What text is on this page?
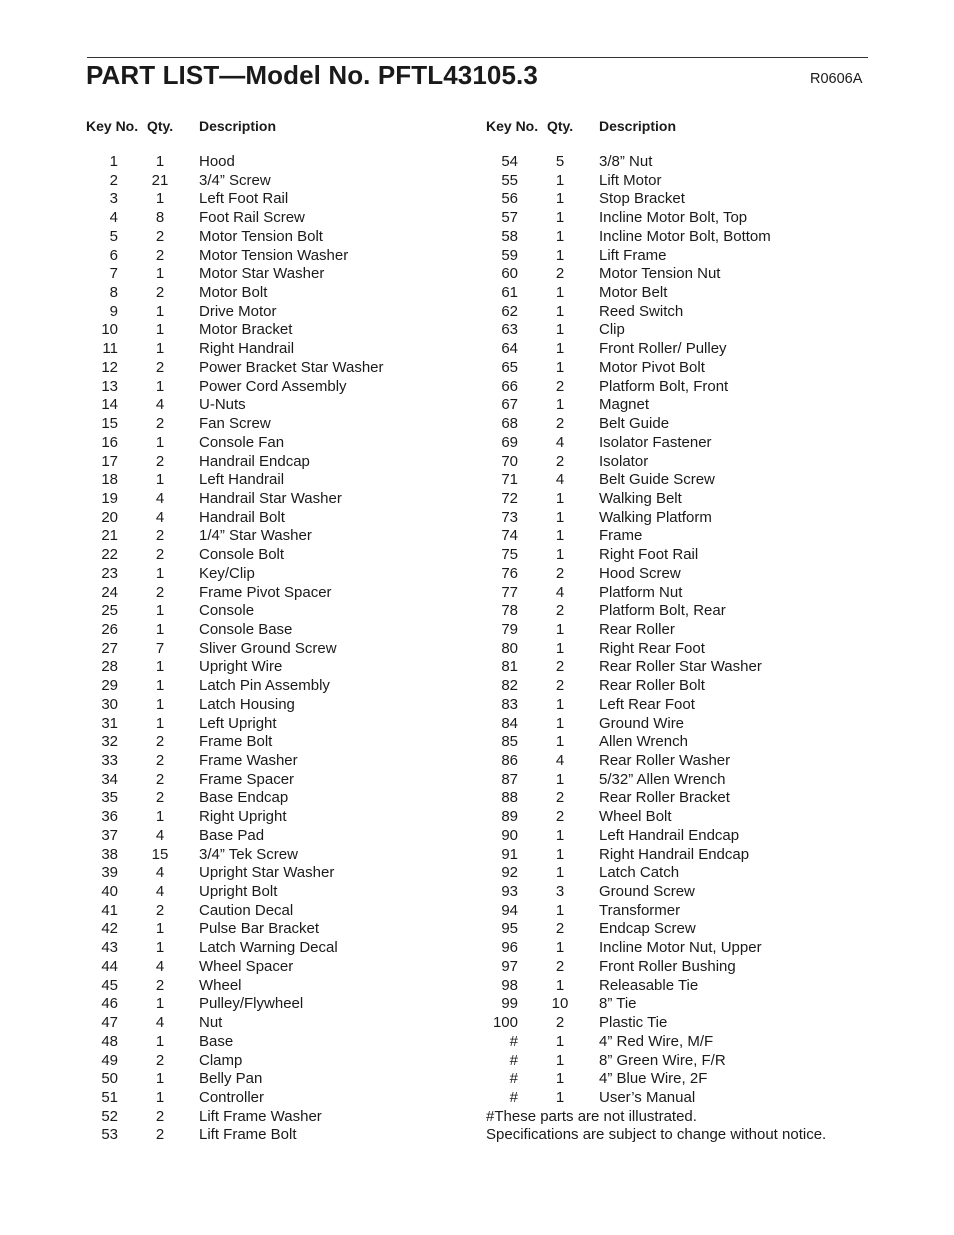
PART LIST—Model No. PFTL43105.3	R0606A
Key No. Qty. Description
1	1	Hood
2 21 3/4” Screw
3	1	Left Foot Rail
4	8	Foot Rail Screw
5	2	Motor Tension Bolt
6	2	Motor Tension Washer
7	1	Motor Star Washer
8	2	Motor Bolt
9	1	Drive Motor
10	1	Motor Bracket
11	1	Right Handrail
12	2	Power Bracket Star Washer
13	1	Power Cord Assembly
14	4	U-Nuts
15	2	Fan Screw
16	1	Console Fan
17	2	Handrail Endcap
18	1	Left Handrail
19	4	Handrail Star Washer
20	4	Handrail Bolt
21	2	1/4” Star Washer
22	2	Console Bolt
23	1	Key/Clip
24	2	Frame Pivot Spacer
25	1	Console
26	1	Console Base
27	7	Sliver Ground Screw
28	1	Upright Wire
29	1	Latch Pin Assembly
30	1	Latch Housing
31	1	Left Upright
32	2	Frame Bolt
33	2	Frame Washer
34	2	Frame Spacer
35	2	Base Endcap
36	1	Right Upright
37	4	Base Pad
38 15 3/4” Tek Screw
39	4	Upright Star Washer
40	4	Upright Bolt
41	2	Caution Decal
42	1	Pulse Bar Bracket
43	1	Latch Warning Decal
44	4	Wheel Spacer
45	2	Wheel
46	1	Pulley/Flywheel
47	4	Nut
48	1	Base
49	2	Clamp
50	1	Belly Pan
51	1	Controller
52	2	Lift Frame Washer
53	2	Lift Frame Bolt
Key No. Qty. Description
54	5	3/8” Nut
55	1	Lift Motor
56	1	Stop Bracket
57	1	Incline Motor Bolt, Top
58	1	Incline Motor Bolt, Bottom
59	1	Lift Frame
60	2	Motor Tension Nut
61	1	Motor Belt
62	1	Reed Switch
63	1	Clip
64	1	Front Roller/ Pulley
65	1	Motor Pivot Bolt
66	2	Platform Bolt, Front
67	1	Magnet
68	2	Belt Guide
69	4	Isolator Fastener
70	2	Isolator
71	4	Belt Guide Screw
72	1	Walking Belt
73	1	Walking Platform
74	1	Frame
75	1	Right Foot Rail
76	2	Hood Screw
77	4	Platform Nut
78	2	Platform Bolt, Rear
79	1	Rear Roller
80	1	Right Rear Foot
81	2	Rear Roller Star Washer
82	2	Rear Roller Bolt
83	1	Left Rear Foot
84	1	Ground Wire
85	1	Allen Wrench
86	4	Rear Roller Washer
87	1	5/32” Allen Wrench
88	2	Rear Roller Bracket
89	2	Wheel Bolt
90	1	Left Handrail Endcap
91	1	Right Handrail Endcap
92	1	Latch Catch
93	3	Ground Screw
94	1	Transformer
95	2	Endcap Screw
96	1	Incline Motor Nut, Upper
97	2	Front Roller Bushing
98	1	Releasable Tie
99 10 8” Tie
100	2	Plastic Tie
#	1	4” Red Wire, M/F
#	1	8” Green Wire, F/R
#	1	4” Blue Wire, 2F
#	1	User’s Manual
#These parts are not illustrated.
Specifications are subject to change without notice.
